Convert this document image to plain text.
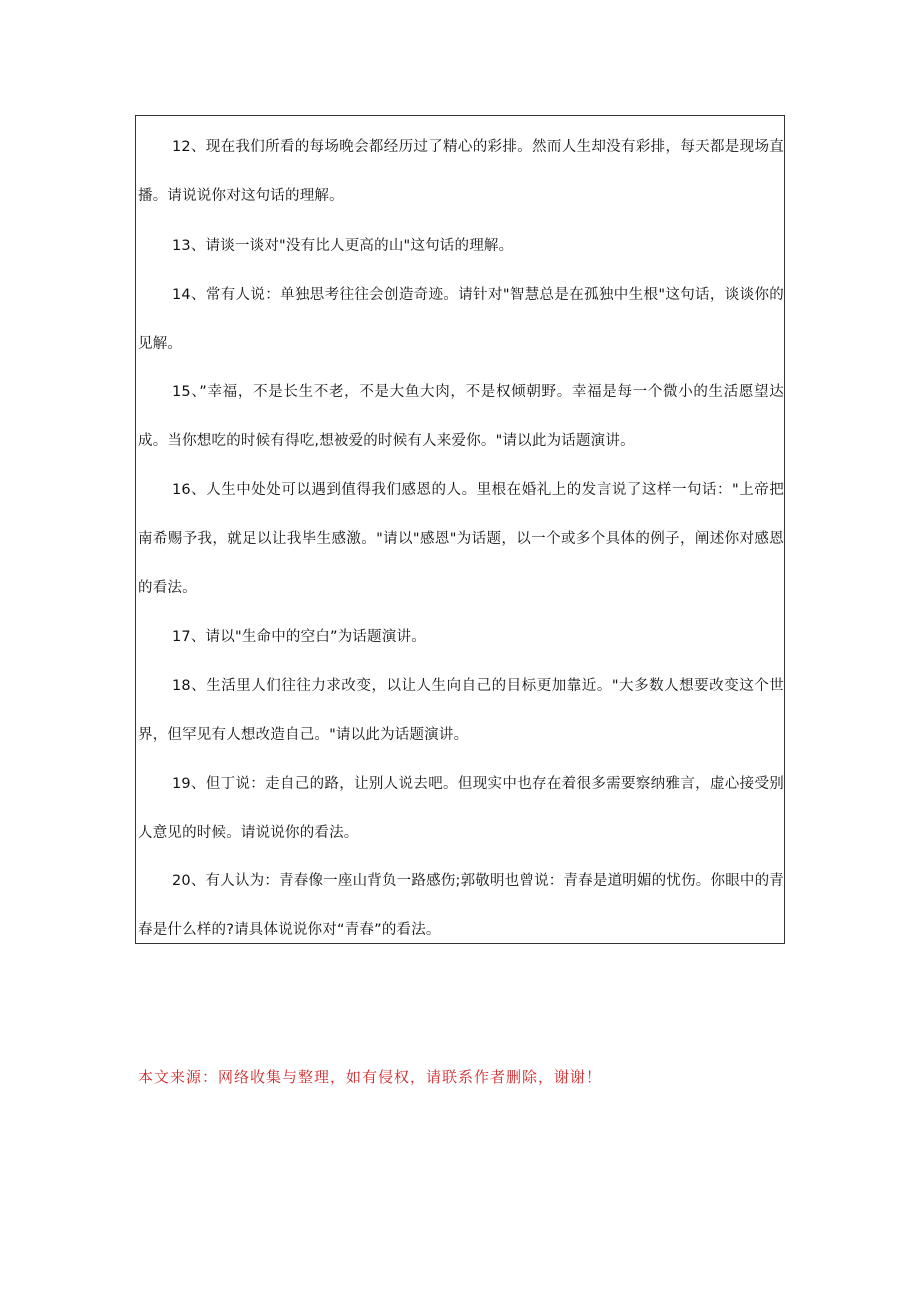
12、现在我们所看的每场晚会都经历过了精心的彩排。然而人生却没有彩排，每天都是现场直播。请说说你对这句话的理解。

13、请谈一谈对"没有比人更高的山"这句话的理解。

14、常有人说：单独思考往往会创造奇迹。请针对"智慧总是在孤独中生根"这句话，谈谈你的见解。

15、”幸福，不是长生不老，不是大鱼大肉，不是权倾朝野。幸福是每一个微小的生活愿望达成。当你想吃的时候有得吃,想被爱的时候有人来爱你。"请以此为话题演讲。

16、人生中处处可以遇到值得我们感恩的人。里根在婚礼上的发言说了这样一句话："上帝把南希赐予我，就足以让我毕生感激。"请以"感恩"为话题，以一个或多个具体的例子，阐述你对感恩的看法。

17、请以"生命中的空白”为话题演讲。

18、生活里人们往往力求改变，以让人生向自己的目标更加靠近。"大多数人想要改变这个世界，但罕见有人想改造自己。"请以此为话题演讲。

19、但丁说：走自己的路，让别人说去吧。但现实中也存在着很多需要察纳雅言，虚心接受别人意见的时候。请说说你的看法。

20、有人认为：青春像一座山背负一路感伤;郭敬明也曾说：青春是道明媚的忧伤。你眼中的青春是什么样的?请具体说说你对“青春”的看法。

本文来源：网络收集与整理，如有侵权，请联系作者删除，谢谢！
